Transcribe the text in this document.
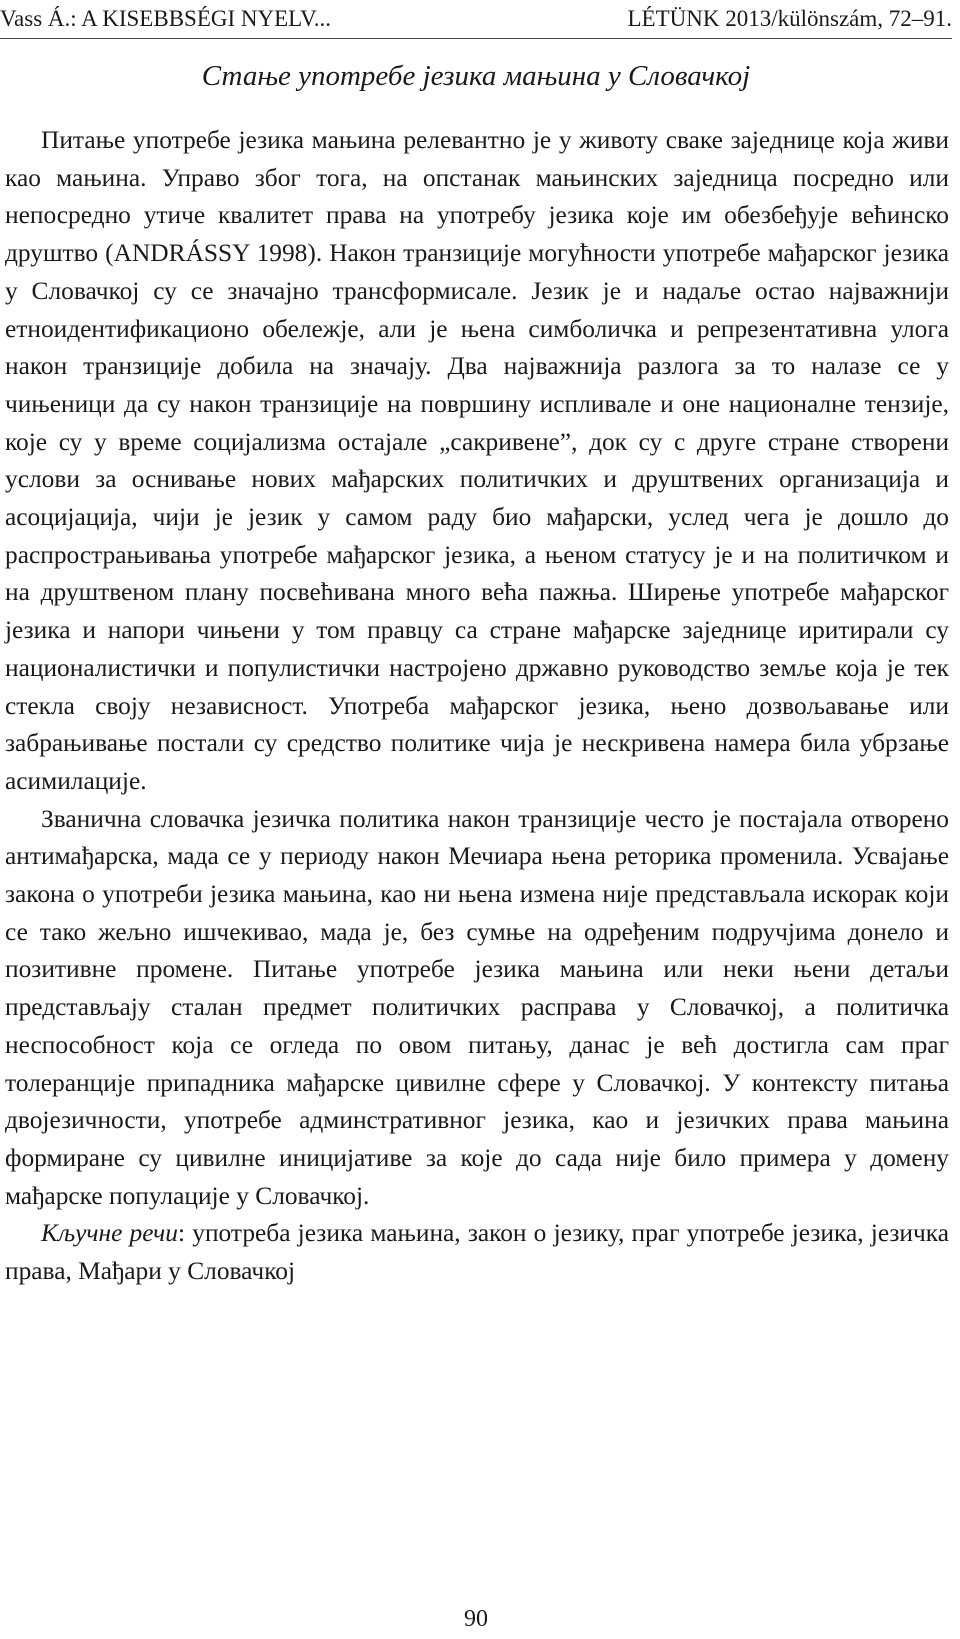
Vass Á.: A KISEBBSÉGI NYELV...	LÉTÜNK 2013/különszám, 72–91.
Стање употребе језика мањина у Словачкој

Питање употребе језика мањина релевантно је у животу сваке заједнице која живи као мањина. Управо због тога, на опстанак мањинских заједница посредно или непосредно утиче квалитет права на употребу језика које им обезбеђује већинско друштво (ANDRÁSSY 1998). Након транзиције могућности употребе мађарског језика у Словачкој су се значајно трансформисале. Језик је и надаље остао најважнији етноидентификационо обележје, али је њена симболичка и репрезентативна улога након транзиције добила на значају. Два најважнија разлога за то налазе се у чињеници да су након транзиције на површину испливале и оне националне тензије, које су у време социјализма остајале „сакривене”, док су с друге стране створени услови за оснивање нових мађарских политичких и друштвених организација и асоцијација, чији је језик у самом раду био мађарски, услед чега је дошло до распрострањивања употребе мађарског језика, а њеном статусу је и на политичком и на друштвеном плану посвећивана много већа пажња. Ширење употребе мађарског језика и напори чињени у том правцу са стране мађарске заједнице иритирали су националистички и популистички настројено државно руководство земље која је тек стекла своју независност. Употреба мађарског језика, њено дозвољавање или забрањивање постали су средство политике чија је нескривена намера била убрзање асимилације.

Званична словачка језичка политика након транзиције често је постајала отворено антимађарска, мада се у периоду након Мечиара њена реторика променила. Усвајање закона о употреби језика мањина, као ни њена измена није представљала искорак који се тако жељно ишчекивао, мада је, без сумње на одређеним подручјима донело и позитивне промене. Питање употребе језика мањина или неки њени детаљи представљају сталан предмет политичких расправа у Словачкој, а политичка неспособност која се огледа по овом питању, данас је већ достигла сам праг толеранције припадника мађарске цивилне сфере у Словачкој. У контексту питања двојезичности, употребе админстративног језика, као и језичких права мањина формиране су цивилне иницијативе за које до сада није било примера у домену мађарске популације у Словачкој.

Кључне речи: употреба језика мањина, закон о језику, праг употребе језика, језичка права, Мађари у Словачкој

90
